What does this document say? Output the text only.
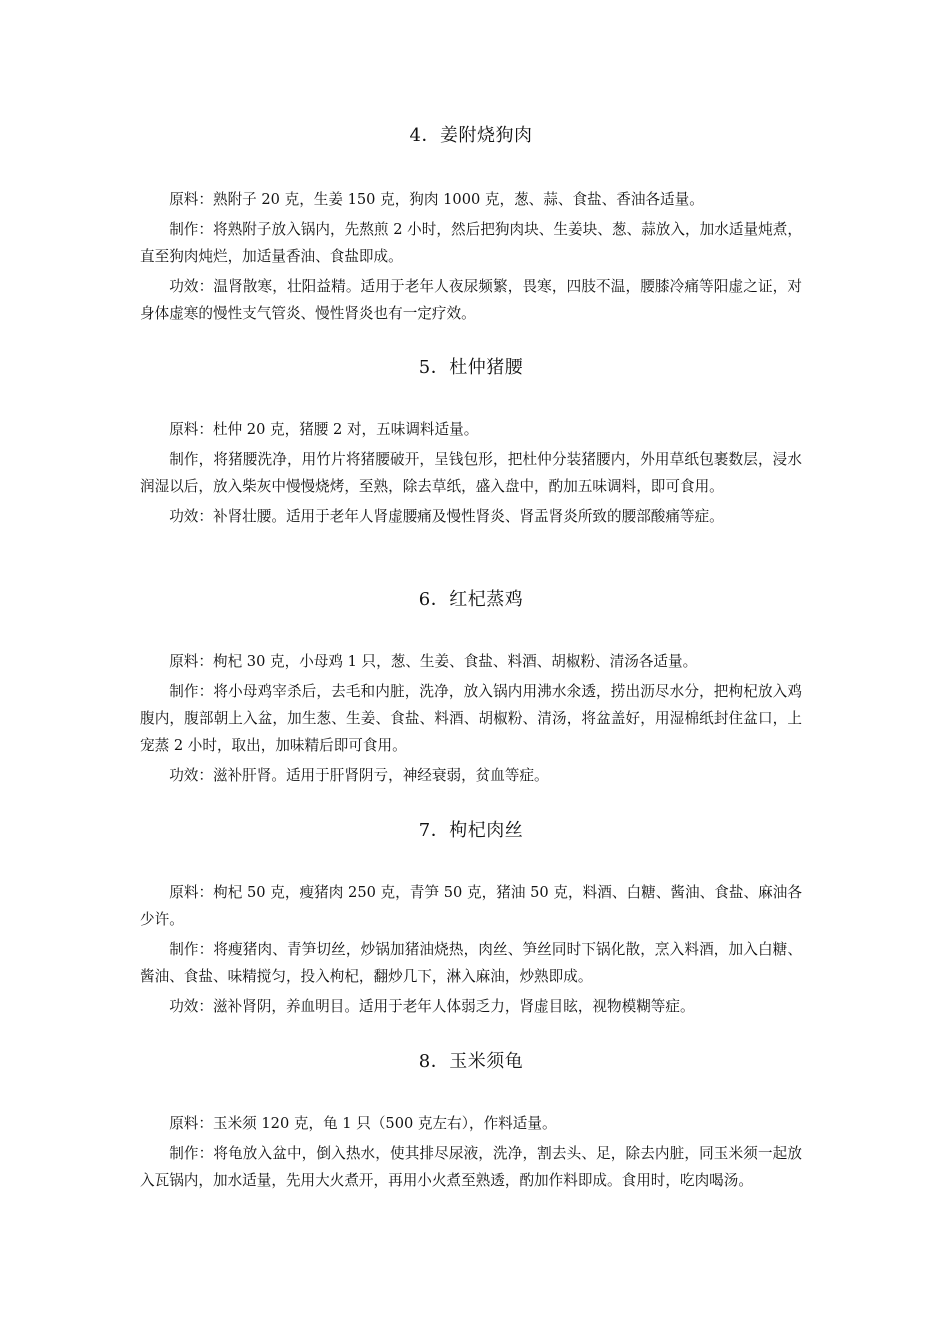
4．姜附烧狗肉

原料：熟附子 20 克，生姜 150 克，狗肉 1000 克，葱、蒜、食盐、香油各适量。

制作：将熟附子放入锅内，先熬煎 2 小时，然后把狗肉块、生姜块、葱、蒜放入，加水适量炖煮，直至狗肉炖烂，加适量香油、食盐即成。

功效：温肾散寒，壮阳益精。适用于老年人夜尿频繁，畏寒，四肢不温，腰膝冷痛等阳虚之证，对身体虚寒的慢性支气管炎、慢性肾炎也有一定疗效。

5．杜仲猪腰

原料：杜仲 20 克，猪腰 2 对，五味调料适量。

制作，将猪腰洗净，用竹片将猪腰破开，呈钱包形，把杜仲分装猪腰内，外用草纸包裹数层，浸水润湿以后，放入柴灰中慢慢烧烤，至熟，除去草纸，盛入盘中，酌加五味调料，即可食用。

功效：补肾壮腰。适用于老年人肾虚腰痛及慢性肾炎、肾盂肾炎所致的腰部酸痛等症。

6．红杞蒸鸡

原料：枸杞 30 克，小母鸡 1 只，葱、生姜、食盐、料酒、胡椒粉、清汤各适量。

制作：将小母鸡宰杀后，去毛和内脏，洗净，放入锅内用沸水氽透，捞出沥尽水分，把枸杞放入鸡腹内，腹部朝上入盆，加生葱、生姜、食盐、料酒、胡椒粉、清汤，将盆盖好，用湿棉纸封住盆口，上宠蒸 2 小时，取出，加味精后即可食用。

功效：滋补肝肾。适用于肝肾阴亏，神经衰弱，贫血等症。

7．枸杞肉丝

原料：枸杞 50 克，瘦猪肉 250 克，青笋 50 克，猪油 50 克，料酒、白糖、酱油、食盐、麻油各少许。

制作：将瘦猪肉、青笋切丝，炒锅加猪油烧热，肉丝、笋丝同时下锅化散，烹入料酒，加入白糖、酱油、食盐、味精搅匀，投入枸杞，翻炒几下，淋入麻油，炒熟即成。

功效：滋补肾阴，养血明目。适用于老年人体弱乏力，肾虚目眩，视物模糊等症。

8．玉米须龟

原料：玉米须 120 克，龟 1 只（500 克左右），作料适量。

制作：将龟放入盆中，倒入热水，使其排尽尿液，洗净，割去头、足，除去内脏，同玉米须一起放入瓦锅内，加水适量，先用大火煮开，再用小火煮至熟透，酌加作料即成。食用时，吃肉喝汤。
